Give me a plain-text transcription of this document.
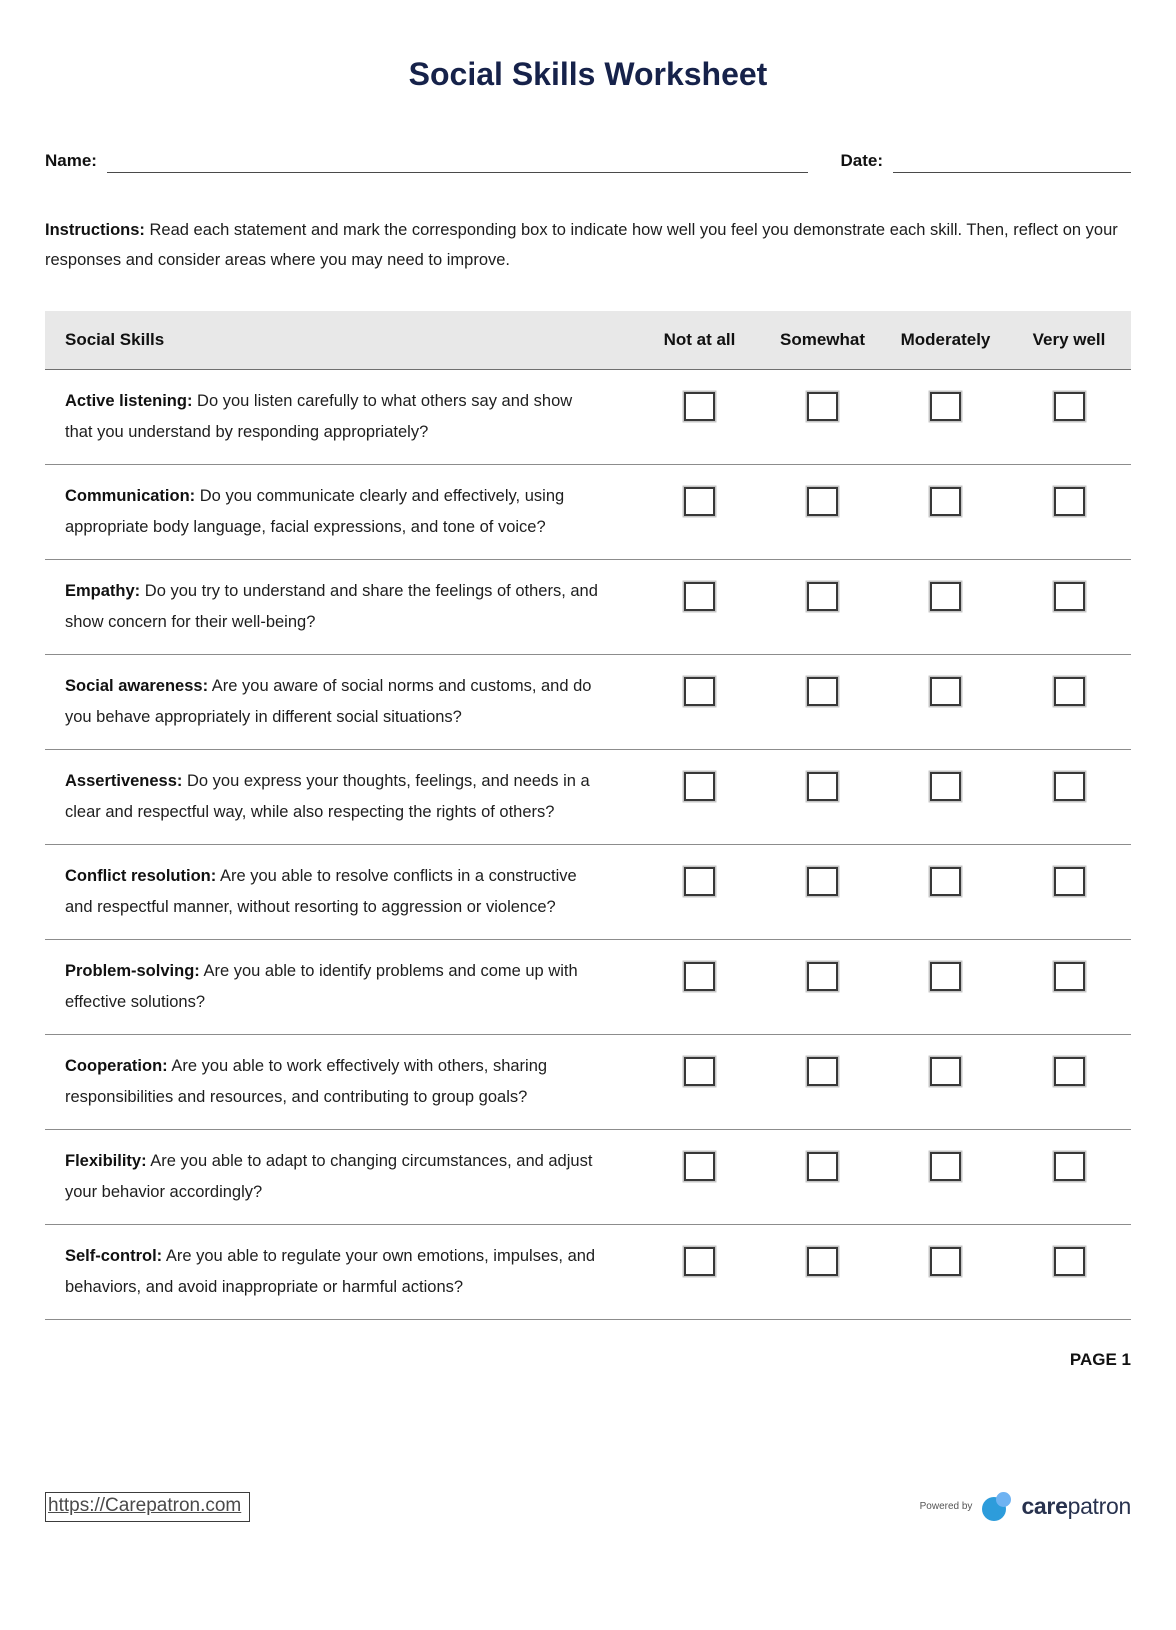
Social Skills Worksheet
Name:	Date:

Instructions: Read each statement and mark the corresponding box to indicate how well you feel you demonstrate each skill. Then, reflect on your responses and consider areas where you may need to improve.

Social Skills	Not at all	Somewhat	Moderately	Very well

Active listening: Do you listen carefully to what others say and show that you understand by responding appropriately?

Communication: Do you communicate clearly and effectively, using appropriate body language, facial expressions, and tone of voice?

Empathy: Do you try to understand and share the feelings of others, and show concern for their well-being?

Social awareness: Are you aware of social norms and customs, and do you behave appropriately in different social situations?

Assertiveness: Do you express your thoughts, feelings, and needs in a clear and respectful way, while also respecting the rights of others?

Conflict resolution: Are you able to resolve conflicts in a constructive and respectful manner, without resorting to aggression or violence?

Problem-solving: Are you able to identify problems and come up with effective solutions?

Cooperation: Are you able to work effectively with others, sharing responsibilities and resources, and contributing to group goals?

Flexibility: Are you able to adapt to changing circumstances, and adjust your behavior accordingly?

Self-control: Are you able to regulate your own emotions, impulses, and behaviors, and avoid inappropriate or harmful actions?

PAGE 1
https://Carepatron.com	Powered by carepatron
